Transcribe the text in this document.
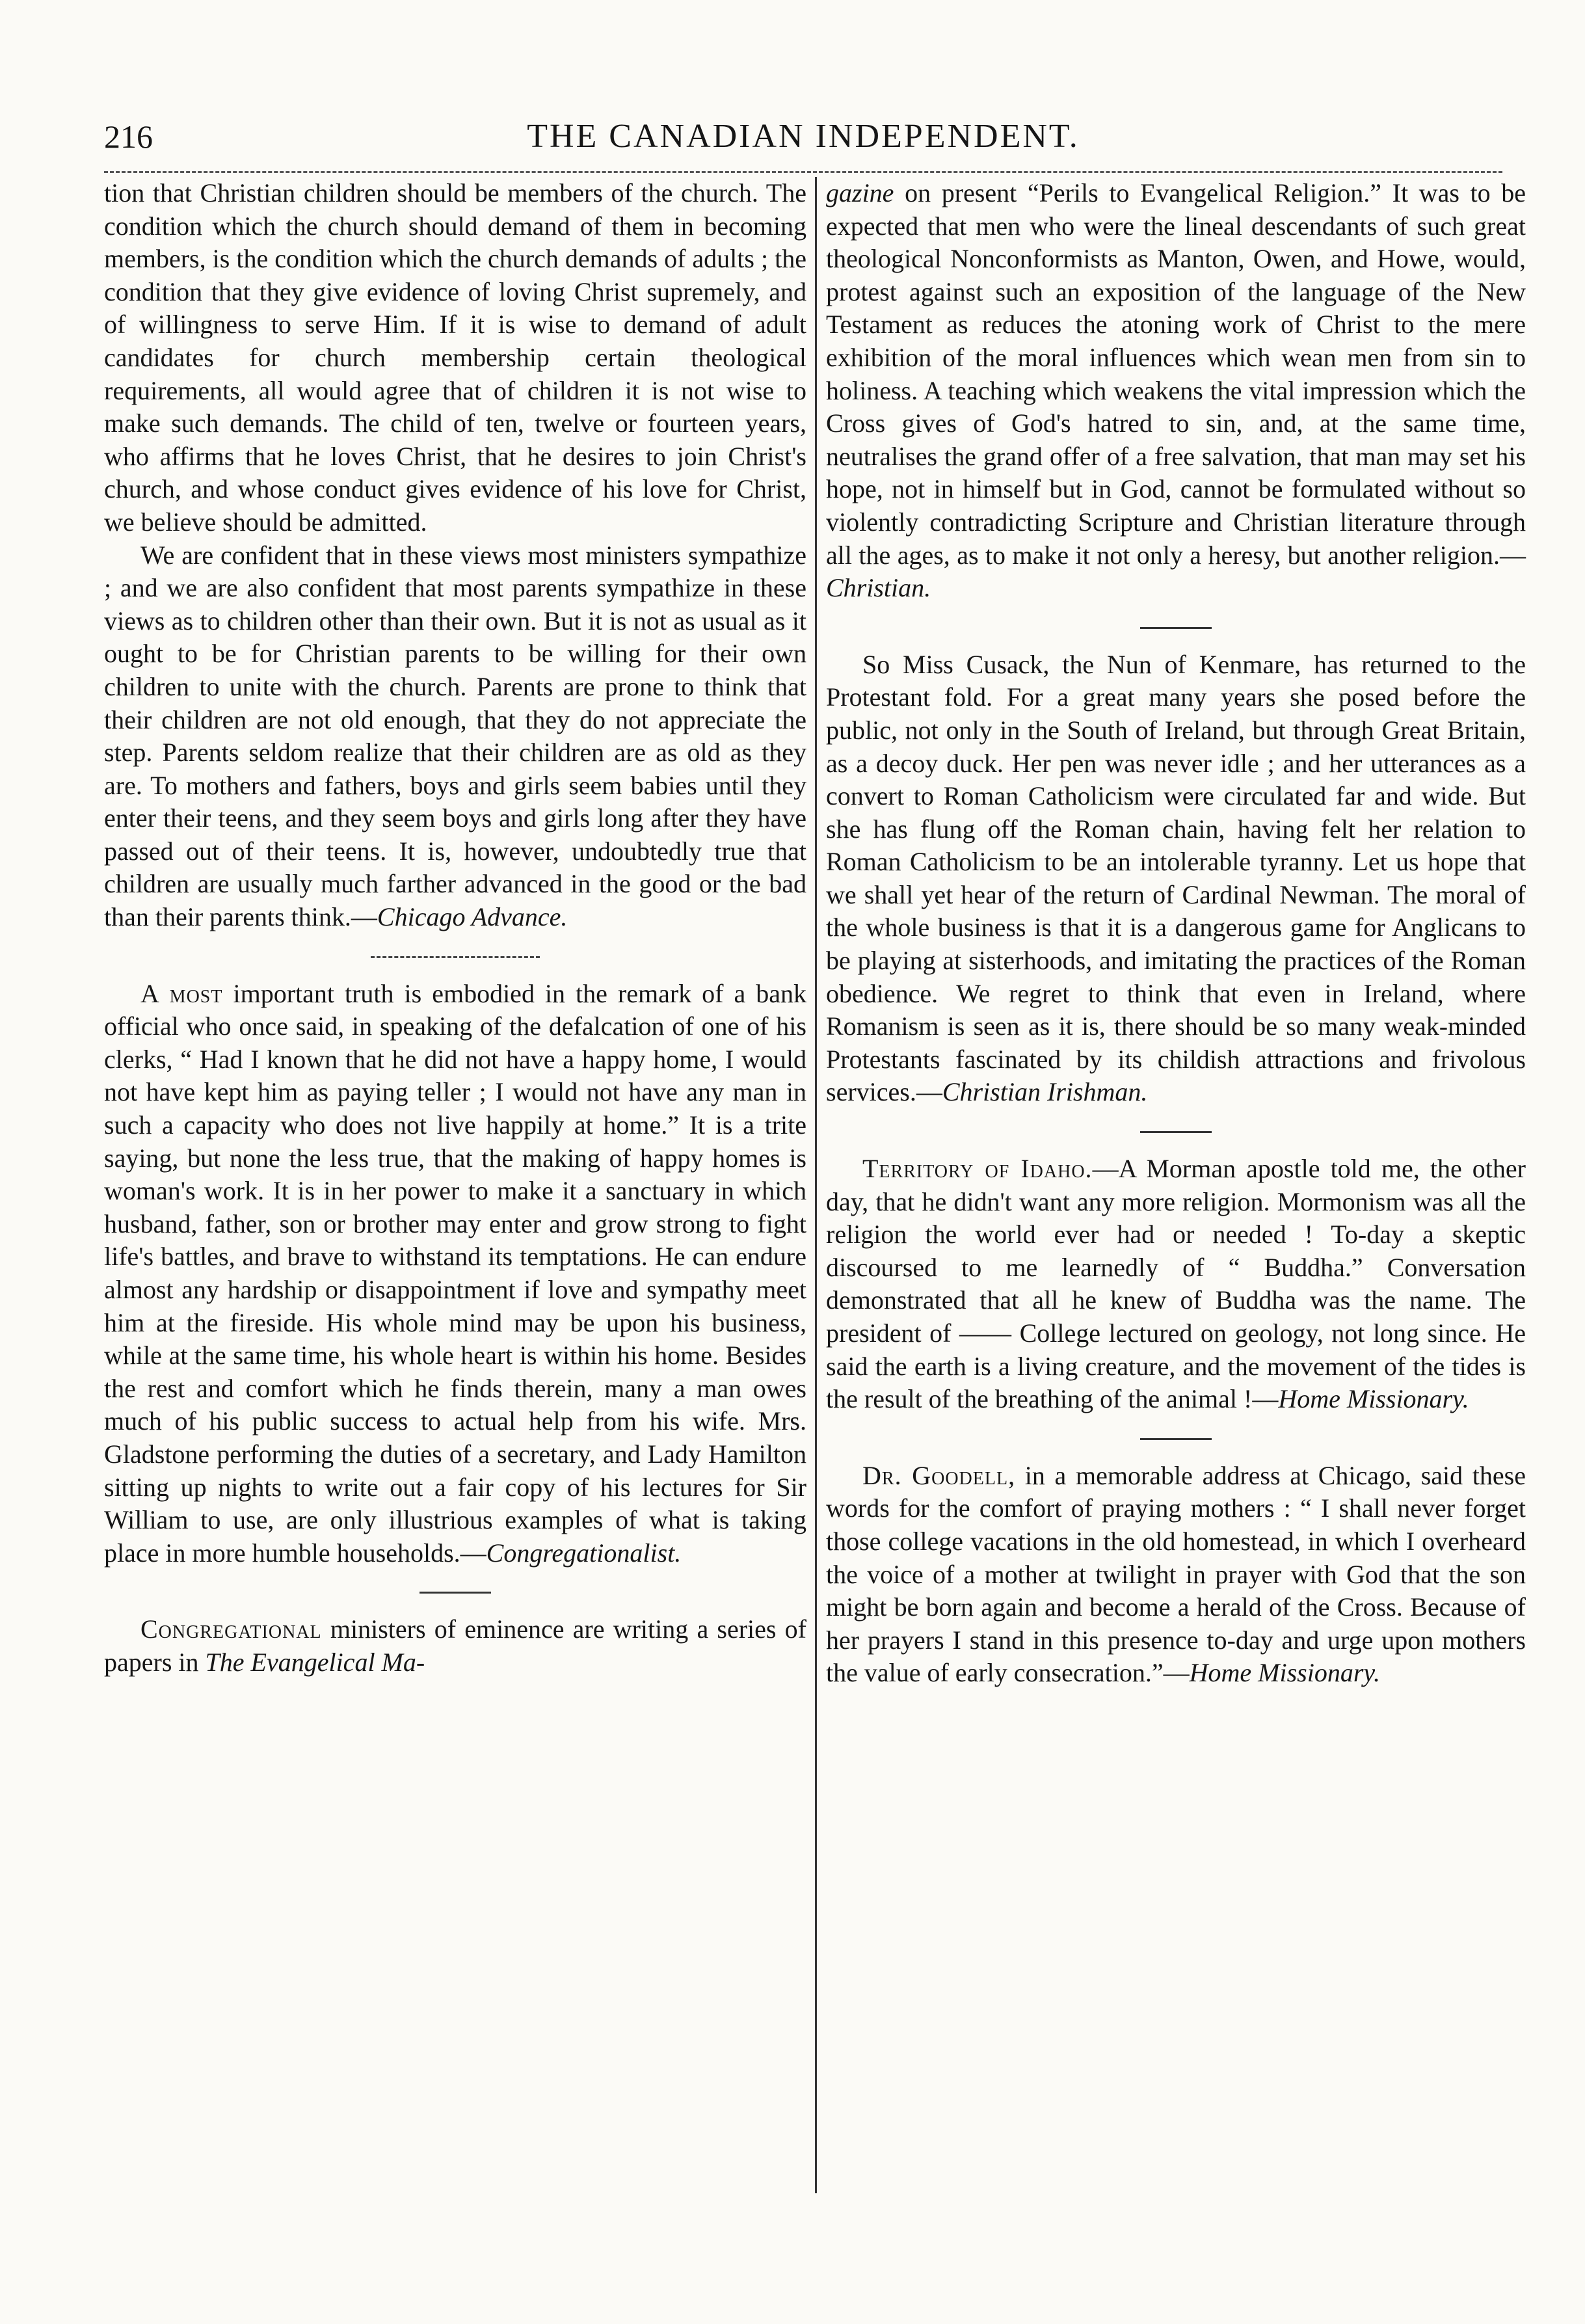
216	THE CANADIAN INDEPENDENT.

tion that Christian children should be members of the church. The condition which the church should demand of them in becoming members, is the condition which the church demands of adults ; the condition that they give evidence of loving Christ supremely, and of willingness to serve Him. If it is wise to demand of adult candidates for church membership certain theological requirements, all would agree that of children it is not wise to make such demands. The child of ten, twelve or fourteen years, who affirms that he loves Christ, that he desires to join Christ's church, and whose conduct gives evidence of his love for Christ, we believe should be admitted.

We are confident that in these views most ministers sympathize ; and we are also confident that most parents sympathize in these views as to children other than their own. But it is not as usual as it ought to be for Christian parents to be willing for their own children to unite with the church. Parents are prone to think that their children are not old enough, that they do not appreciate the step. Parents seldom realize that their children are as old as they are. To mothers and fathers, boys and girls seem babies until they enter their teens, and they seem boys and girls long after they have passed out of their teens. It is, however, undoubtedly true that children are usually much farther advanced in the good or the bad than their parents think.—Chicago Advance.

A most important truth is embodied in the remark of a bank official who once said, in speaking of the defalcation of one of his clerks, “ Had I known that he did not have a happy home, I would not have kept him as paying teller ; I would not have any man in such a capacity who does not live happily at home.” It is a trite saying, but none the less true, that the making of happy homes is woman's work. It is in her power to make it a sanctuary in which husband, father, son or brother may enter and grow strong to fight life's battles, and brave to withstand its temptations. He can endure almost any hardship or disappointment if love and sympathy meet him at the fireside. His whole mind may be upon his business, while at the same time, his whole heart is within his home. Besides the rest and comfort which he finds therein, many a man owes much of his public success to actual help from his wife. Mrs. Gladstone performing the duties of a secretary, and Lady Hamilton sitting up nights to write out a fair copy of his lectures for Sir William to use, are only illustrious examples of what is taking place in more humble households.—Congregationalist.

Congregational ministers of eminence are writing a series of papers in The Evangelical Ma-

gazine on present “Perils to Evangelical Religion.” It was to be expected that men who were the lineal descendants of such great theological Nonconformists as Manton, Owen, and Howe, would, protest against such an exposition of the language of the New Testament as reduces the atoning work of Christ to the mere exhibition of the moral influences which wean men from sin to holiness. A teaching which weakens the vital impression which the Cross gives of God's hatred to sin, and, at the same time, neutralises the grand offer of a free salvation, that man may set his hope, not in himself but in God, cannot be formulated without so violently contradicting Scripture and Christian literature through all the ages, as to make it not only a heresy, but another religion.—Christian.

So Miss Cusack, the Nun of Kenmare, has returned to the Protestant fold. For a great many years she posed before the public, not only in the South of Ireland, but through Great Britain, as a decoy duck. Her pen was never idle ; and her utterances as a convert to Roman Catholicism were circulated far and wide. But she has flung off the Roman chain, having felt her relation to Roman Catholicism to be an intolerable tyranny. Let us hope that we shall yet hear of the return of Cardinal Newman. The moral of the whole business is that it is a dangerous game for Anglicans to be playing at sisterhoods, and imitating the practices of the Roman obedience. We regret to think that even in Ireland, where Romanism is seen as it is, there should be so many weak-minded Protestants fascinated by its childish attractions and frivolous services.—Christian Irishman.

Territory of Idaho.—A Morman apostle told me, the other day, that he didn't want any more religion. Mormonism was all the religion the world ever had or needed ! To-day a skeptic discoursed to me learnedly of “ Buddha.” Conversation demonstrated that all he knew of Buddha was the name. The president of —— College lectured on geology, not long since. He said the earth is a living creature, and the movement of the tides is the result of the breathing of the animal !—Home Missionary.

Dr. Goodell, in a memorable address at Chicago, said these words for the comfort of praying mothers : “ I shall never forget those college vacations in the old homestead, in which I overheard the voice of a mother at twilight in prayer with God that the son might be born again and become a herald of the Cross. Because of her prayers I stand in this presence to-day and urge upon mothers the value of early consecration.”—Home Missionary.
